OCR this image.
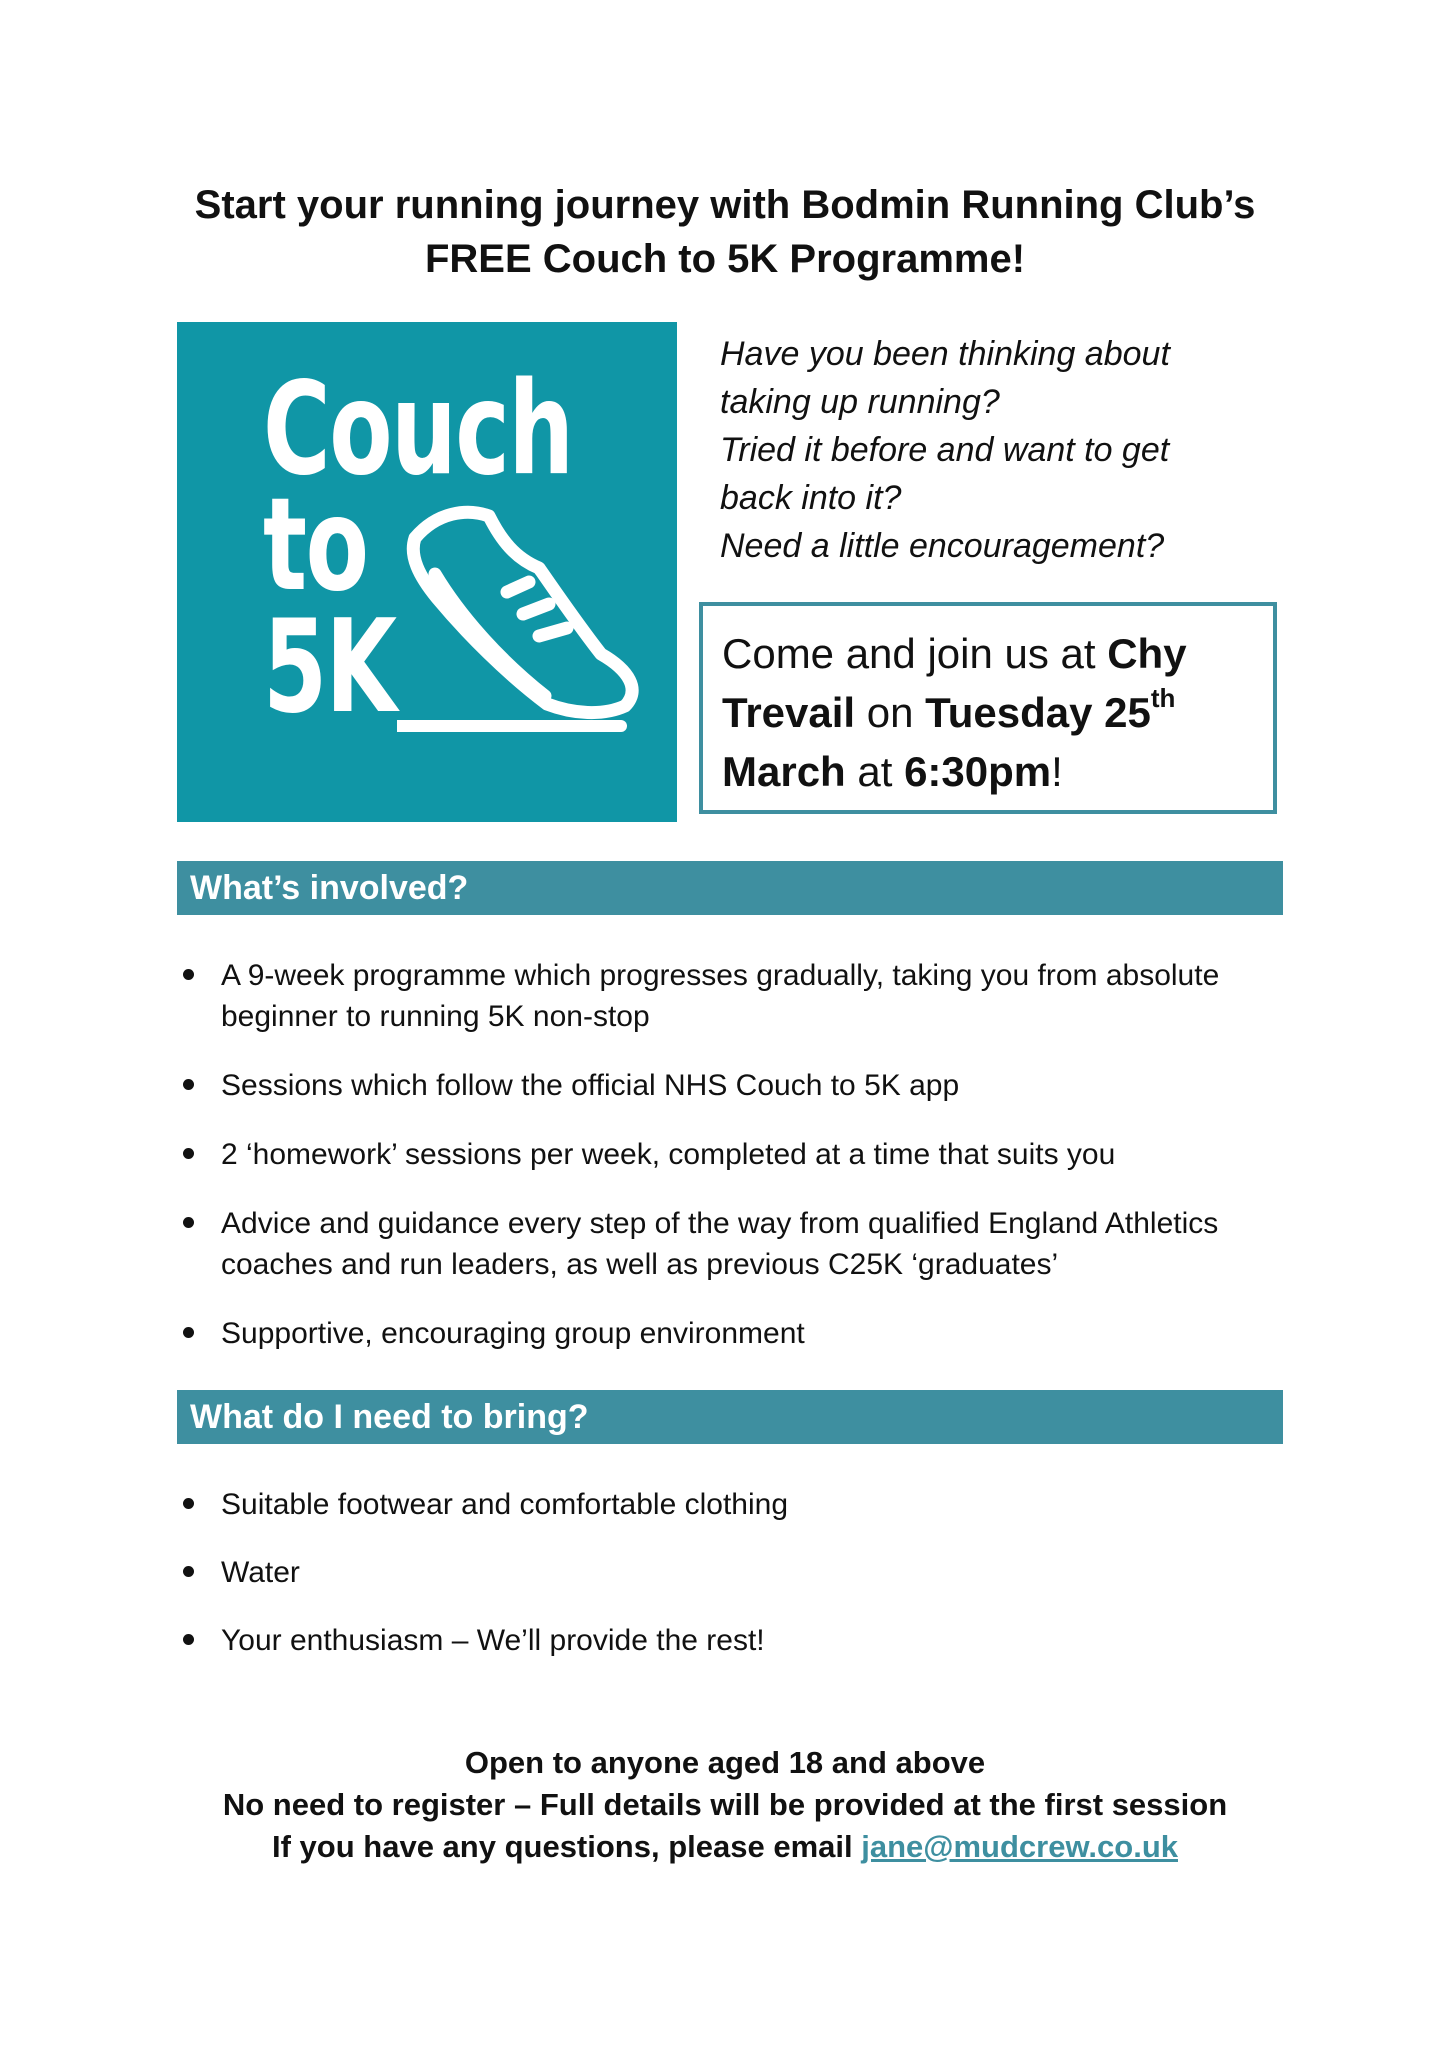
Start your running journey with Bodmin Running Club’s
FREE Couch to 5K Programme!
Couch
to
5K
Have you been thinking about
taking up running?
Tried it before and want to get
back into it?
Need a little encouragement?
Come and join us at Chy Trevail on Tuesday 25th March at 6:30pm!
What’s involved?
A 9-week programme which progresses gradually, taking you from absolute beginner to running 5K non-stop
Sessions which follow the official NHS Couch to 5K app
2 ‘homework’ sessions per week, completed at a time that suits you
Advice and guidance every step of the way from qualified England Athletics coaches and run leaders, as well as previous C25K ‘graduates’
Supportive, encouraging group environment
What do I need to bring?
Suitable footwear and comfortable clothing
Water
Your enthusiasm – We’ll provide the rest!
Open to anyone aged 18 and above
No need to register – Full details will be provided at the first session
If you have any questions, please email jane@mudcrew.co.uk
